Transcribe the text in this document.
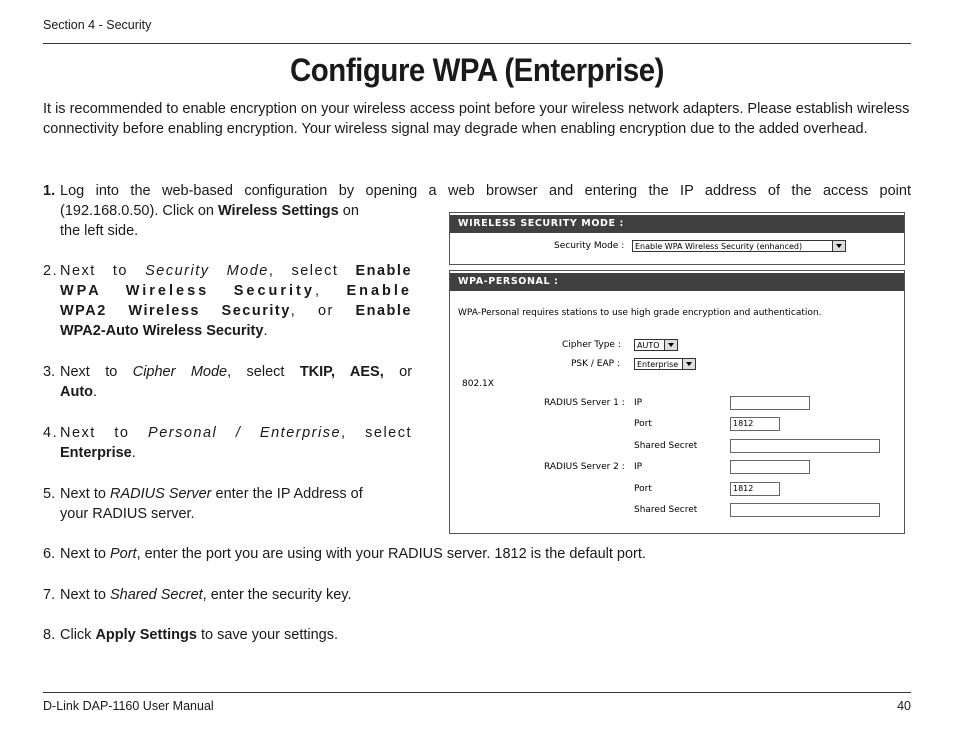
Section 4 - Security
Configure WPA (Enterprise)
It is recommended to enable encryption on your wireless access point before your wireless network adapters. Please establish wireless connectivity before enabling encryption. Your wireless signal may degrade when enabling encryption due to the added overhead.
1. Log into the web-based configuration by opening a web browser and entering the IP address of the access point
(192.168.0.50). Click on Wireless Settings on
the left side.
2. Next to Security Mode, select Enable
WPA Wireless Security, Enable
WPA2 Wireless Security, or Enable
WPA2-Auto Wireless Security.
3. Next to Cipher Mode, select TKIP, AES, or
Auto.
4. Next to Personal / Enterprise, select
Enterprise.
5. Next to RADIUS Server enter the IP Address of
your RADIUS server.
6. Next to Port, enter the port you are using with your RADIUS server. 1812 is the default port.
7. Next to Shared Secret, enter the security key.
8. Click Apply Settings to save your settings.
WIRELESS SECURITY MODE :
Security Mode :	Enable WPA Wireless Security (enhanced)
WPA-PERSONAL :
WPA-Personal requires stations to use high grade encryption and authentication.
Cipher Type :	AUTO
PSK / EAP :	Enterprise
802.1X
RADIUS Server 1 : IP
Port	1812
Shared Secret
RADIUS Server 2 : IP
Port	1812
Shared Secret
D-Link DAP-1160 User Manual	40
